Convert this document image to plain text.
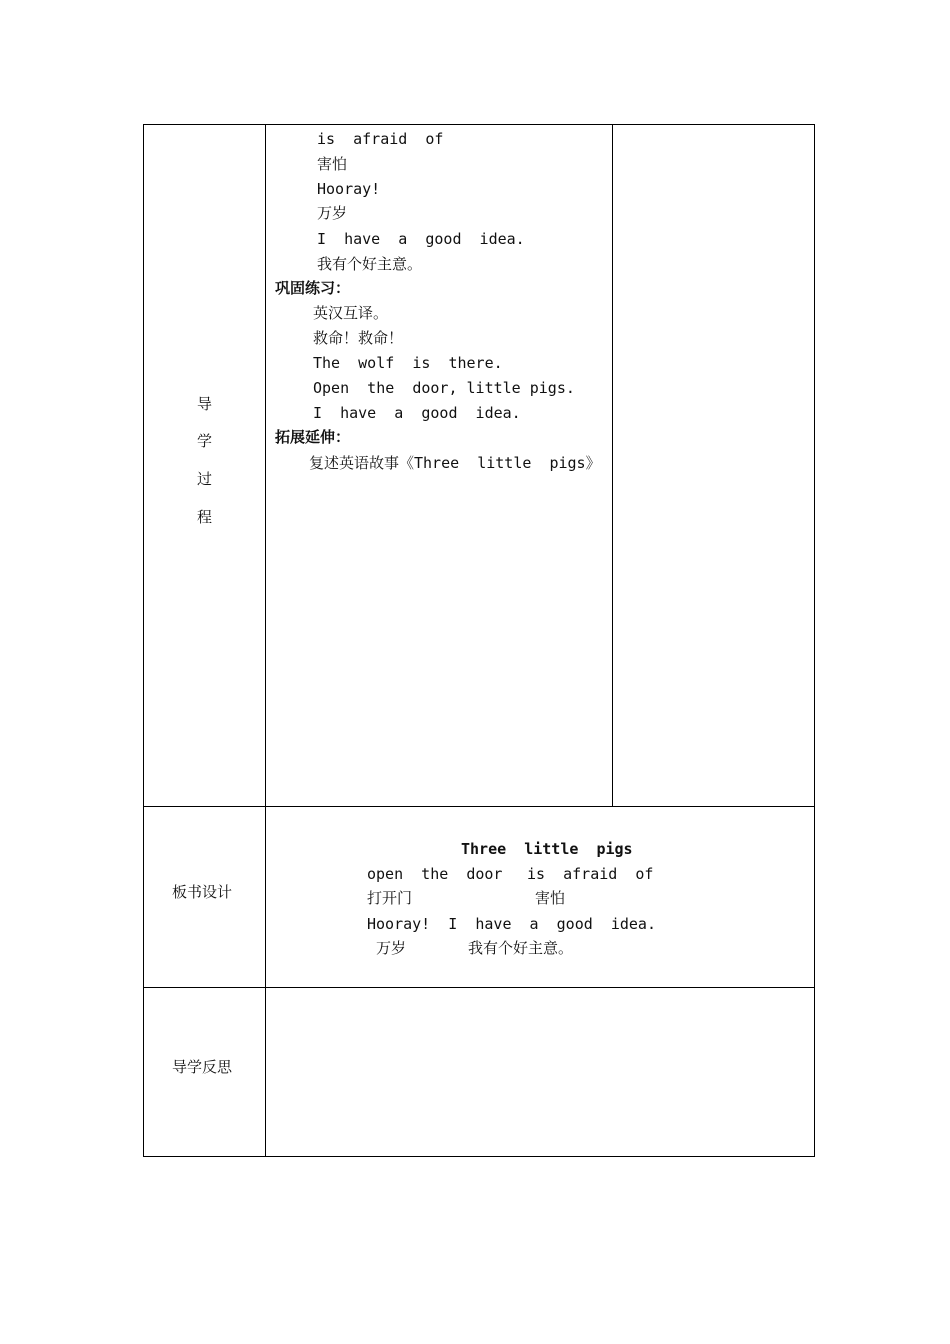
导
学
过
程
is  afraid  of
害怕
Hooray!
万岁
I  have  a  good  idea.
我有个好主意。
巩固练习：
英汉互译。
救命！救命！
The  wolf  is  there.
Open  the  door, little pigs.
I  have  a  good  idea.
拓展延伸：
复述英语故事《Three  little  pigs》
板书设计
Three  little  pigs
open  the  door is  afraid  of
打开门	害怕
Hooray!  I  have  a  good  idea.
万岁	我有个好主意。
导学反思
